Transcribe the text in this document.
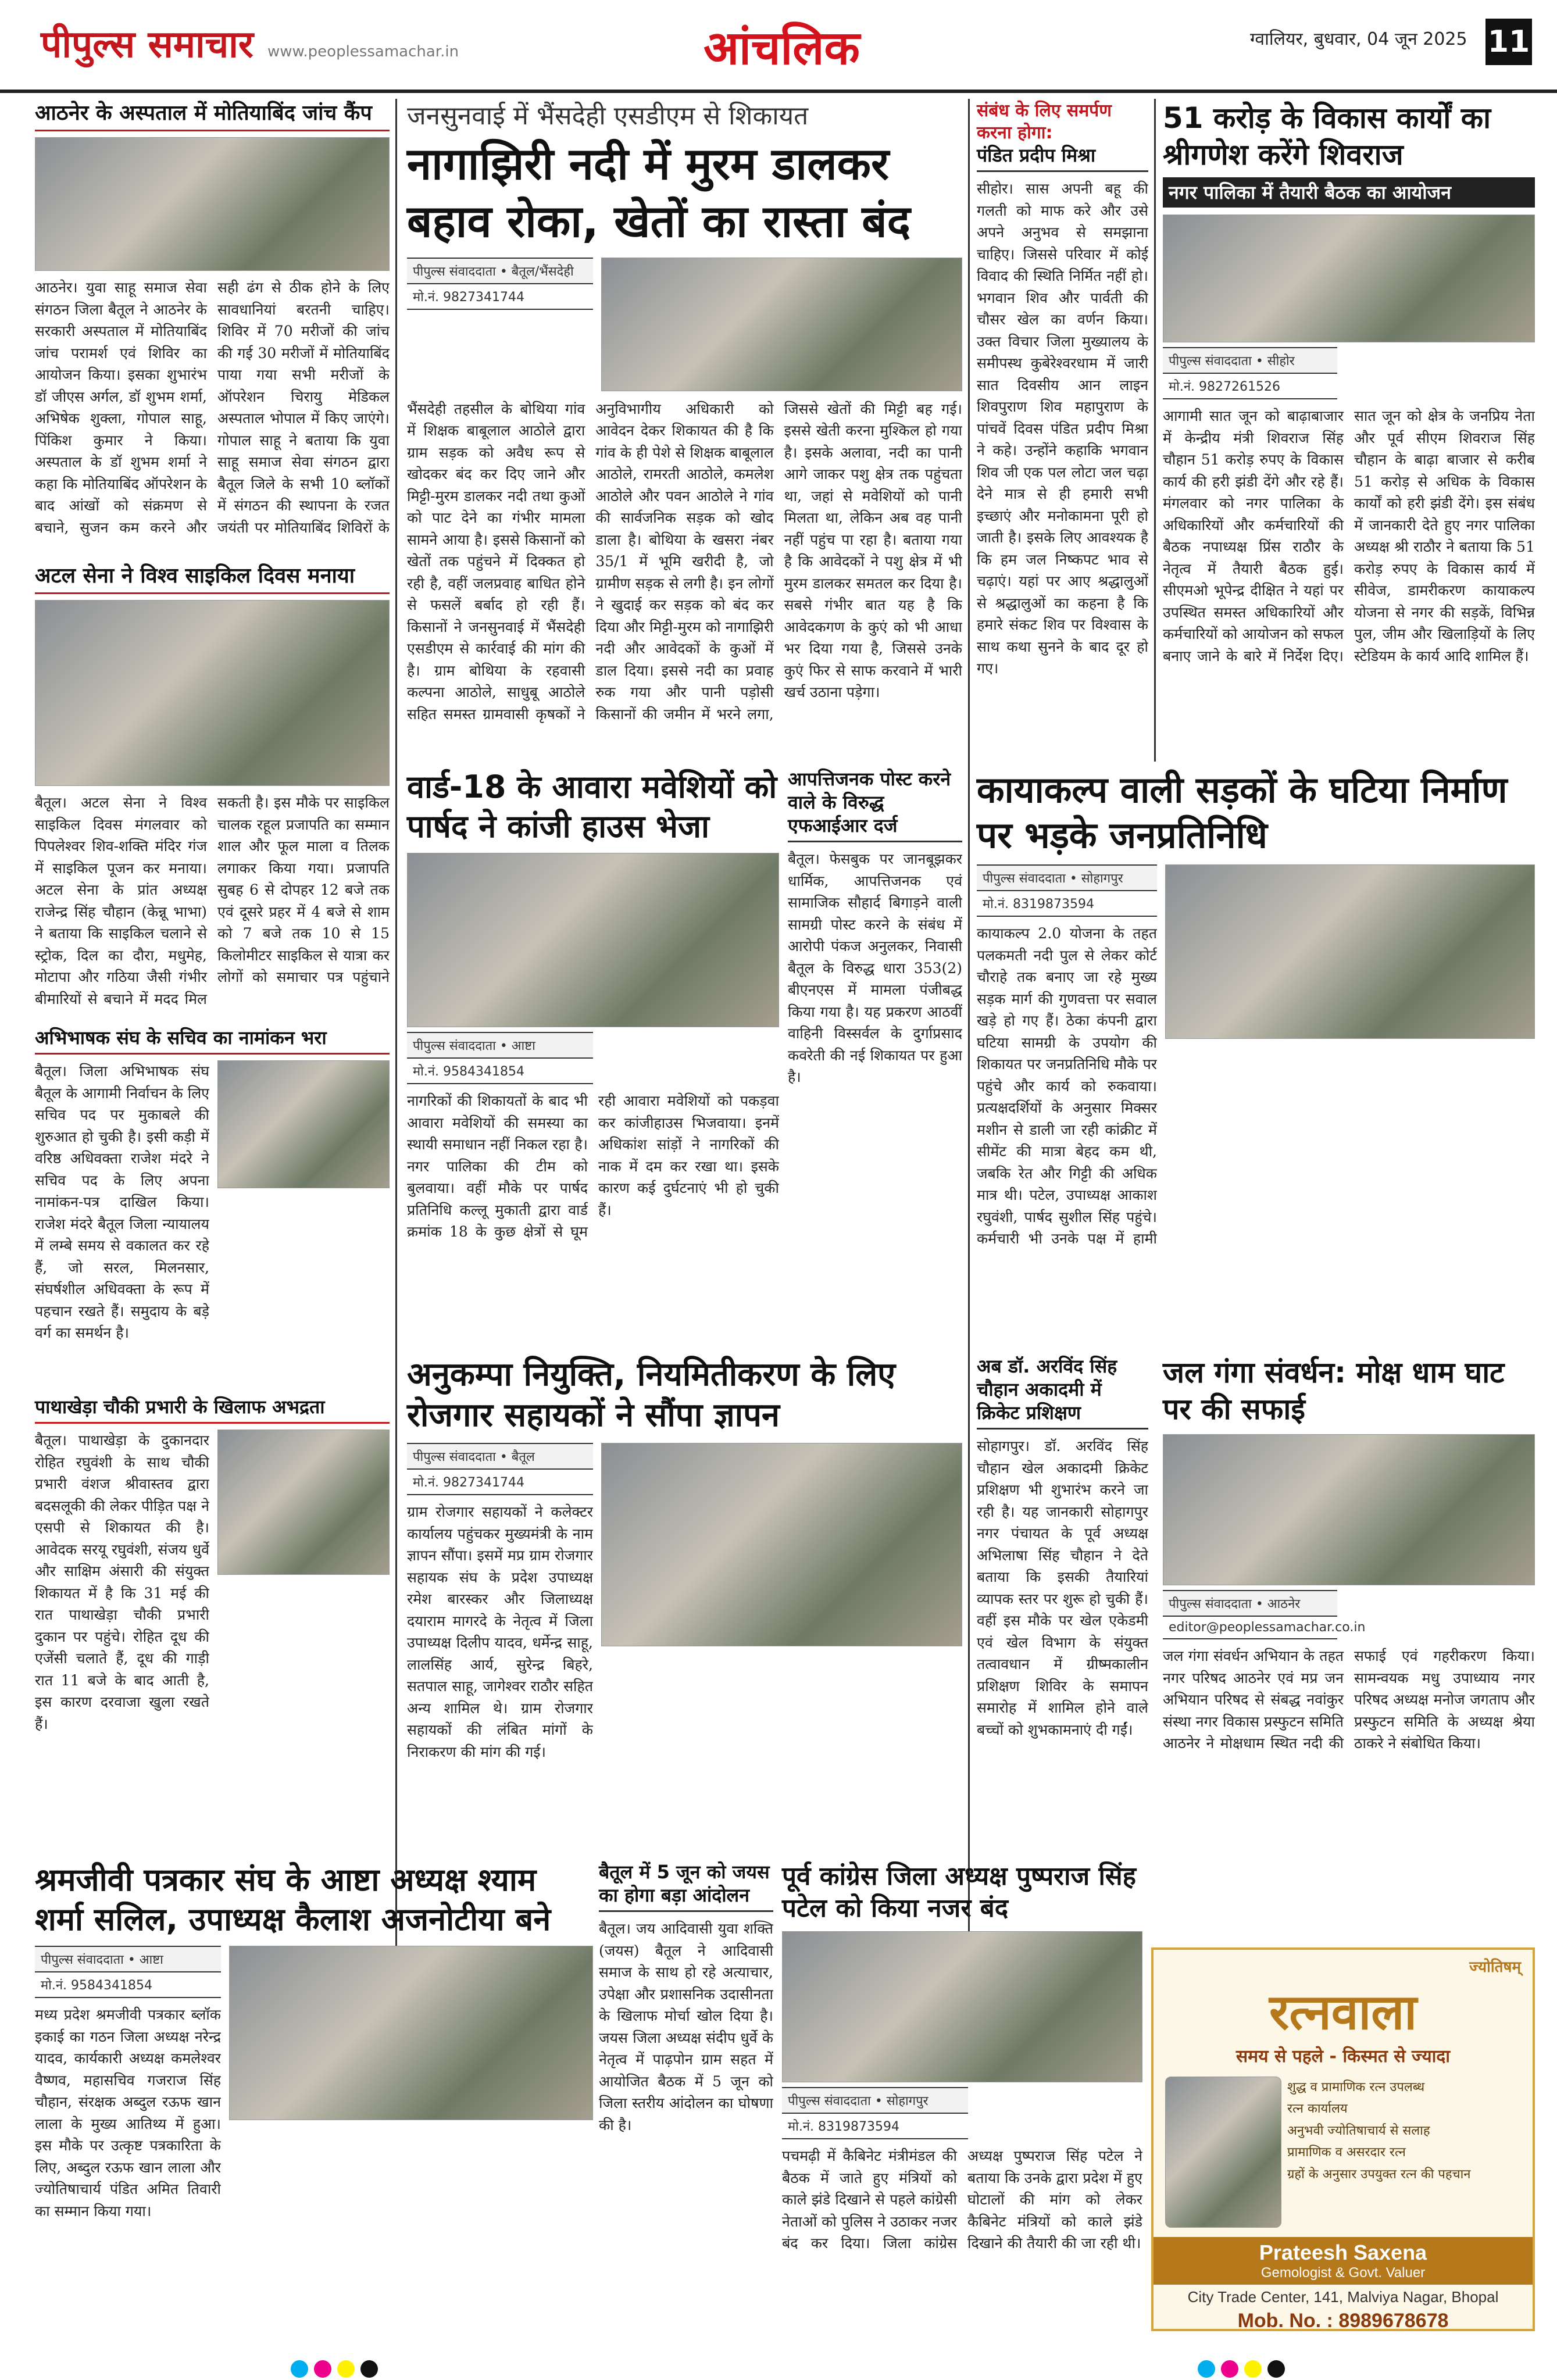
पीपुल्स समाचार www.peoplessamachar.in	आंचलिक	ग्वालियर, बुधवार, 04 जून 2025 11
आठनेर के अस्पताल में मोतियाबिंद जांच कैंप
आठनेर। युवा साहू समाज सेवा संगठन जिला बैतूल ने आठनेर के सरकारी अस्पताल में मोतियाबिंद जांच परामर्श एवं शिविर का आयोजन किया। इसका शुभारंभ डॉ जीएस अर्गल, डॉ शुभम शर्मा, अभिषेक शुक्ला, गोपाल साहू, पिंकिश कुमार ने किया। अस्पताल के डॉ शुभम शर्मा ने कहा कि मोतियाबिंद ऑपरेशन के बाद आंखों को संक्रमण से बचाने, सुजन कम करने और सही ढंग से ठीक होने के लिए सावधानियां बरतनी चाहिए। शिविर में 70 मरीजों की जांच की गई 30 मरीजों में मोतियाबिंद पाया गया सभी मरीजों के ऑपरेशन चिरायु मेडिकल अस्पताल भोपाल में किए जाएंगे। गोपाल साहू ने बताया कि युवा साहू समाज सेवा संगठन द्वारा बैतूल जिले के सभी 10 ब्लॉकों में संगठन की स्थापना के रजत जयंती पर मोतियाबिंद शिविरों के
जनसुनवाई में भैंसदेही एसडीएम से शिकायत
नागाझिरी नदी में मुरम डालकर बहाव रोका, खेतों का रास्ता बंद
पीपुल्स संवाददाता • बैतूल/भैंसदेही
मो.नं. 9827341744
भैंसदेही तहसील के बोथिया गांव में शिक्षक बाबूलाल आठोले द्वारा ग्राम सड़क को अवैध रूप से खोदकर बंद कर दिए जाने और मिट्टी-मुरम डालकर नदी तथा कुओं को पाट देने का गंभीर मामला सामने आया है। इससे किसानों को खेतों तक पहुंचने में दिक्कत हो रही है, वहीं जलप्रवाह बाधित होने से फसलें बर्बाद हो रही हैं। किसानों ने जनसुनवाई में भैंसदेही एसडीएम से कार्रवाई की मांग की है। ग्राम बोथिया के रहवासी कल्पना आठोले, साधुबू आठोले सहित समस्त ग्रामवासी कृषकों ने अनुविभागीय अधिकारी को आवेदन देकर शिकायत की है कि गांव के ही पेशे से शिक्षक बाबूलाल आठोले, रामरती आठोले, कमलेश आठोले और पवन आठोले ने गांव की सार्वजनिक सड़क को खोद डाला है। बोथिया के खसरा नंबर 35/1 में भूमि खरीदी है, जो ग्रामीण सड़क से लगी है। इन लोगों ने खुदाई कर सड़क को बंद कर दिया और मिट्टी-मुरम को नागाझिरी नदी और आवेदकों के कुओं में डाल दिया। इससे नदी का प्रवाह रुक गया और पानी पड़ोसी किसानों की जमीन में भरने लगा, जिससे खेतों की मिट्टी बह गई। इससे खेती करना मुश्किल हो गया है। इसके अलावा, नदी का पानी आगे जाकर पशु क्षेत्र तक पहुंचता था, जहां से मवेशियों को पानी मिलता था, लेकिन अब वह पानी नहीं पहुंच पा रहा है। बताया गया है कि आवेदकों ने पशु क्षेत्र में भी मुरम डालकर समतल कर दिया है। सबसे गंभीर बात यह है कि आवेदकगण के कुएं को भी आधा भर दिया गया है, जिससे उनके कुएं फिर से साफ करवाने में भारी खर्च उठाना पड़ेगा।
संबंध के लिए समर्पण करना होगा:
पंडित प्रदीप मिश्रा
सीहोर। सास अपनी बहू की गलती को माफ करे और उसे अपने अनुभव से समझाना चाहिए। जिससे परिवार में कोई विवाद की स्थिति निर्मित नहीं हो। भगवान शिव और पार्वती की चौसर खेल का वर्णन किया। उक्त विचार जिला मुख्यालय के समीपस्थ कुबेरेश्वरधाम में जारी सात दिवसीय आन लाइन शिवपुराण शिव महापुराण के पांचवें दिवस पंडित प्रदीप मिश्रा ने कहे। उन्होंने कहाकि भगवान शिव जी एक पल लोटा जल चढ़ा देने मात्र से ही हमारी सभी इच्छाएं और मनोकामना पूरी हो जाती है। इसके लिए आवश्यक है कि हम जल निष्कपट भाव से चढ़ाएं। यहां पर आए श्रद्धालुओं से श्रद्धालुओं का कहना है कि हमारे संकट शिव पर विश्वास के साथ कथा सुनने के बाद दूर हो गए।
51 करोड़ के विकास कार्यों का श्रीगणेश करेंगे शिवराज
नगर पालिका में तैयारी बैठक का आयोजन
पीपुल्स संवाददाता • सीहोर
मो.नं. 9827261526
आगामी सात जून को बाढ़ाबाजार में केन्द्रीय मंत्री शिवराज सिंह चौहान 51 करोड़ रुपए के विकास कार्य की हरी झंडी देंगे और रहे हैं। मंगलवार को नगर पालिका के अधिकारियों और कर्मचारियों की बैठक नपाध्यक्ष प्रिंस राठौर के नेतृत्व में तैयारी बैठक हुई। सीएमओ भूपेन्द्र दीक्षित ने यहां पर उपस्थित समस्त अधिकारियों और कर्मचारियों को आयोजन को सफल बनाए जाने के बारे में निर्देश दिए। सात जून को क्षेत्र के जनप्रिय नेता और पूर्व सीएम शिवराज सिंह चौहान के बाढ़ा बाजार से करीब 51 करोड़ से अधिक के विकास कार्यों को हरी झंडी देंगे। इस संबंध में जानकारी देते हुए नगर पालिका अध्यक्ष श्री राठौर ने बताया कि 51 करोड़ रुपए के विकास कार्य में सीवेज, डामरीकरण कायाकल्प योजना से नगर की सड़कें, विभिन्न पुल, जीम और खिलाड़ियों के लिए स्टेडियम के कार्य आदि शामिल हैं।
अटल सेना ने विश्व साइकिल दिवस मनाया
बैतूल। अटल सेना ने विश्व साइकिल दिवस मंगलवार को पिपलेश्वर शिव-शक्ति मंदिर गंज में साइकिल पूजन कर मनाया। अटल सेना के प्रांत अध्यक्ष राजेन्द्र सिंह चौहान (केन्नू भाभा) ने बताया कि साइकिल चलाने से स्ट्रोक, दिल का दौरा, मधुमेह, मोटापा और गठिया जैसी गंभीर बीमारियों से बचाने में मदद मिल सकती है। इस मौके पर साइकिल चालक रहूल प्रजापति का सम्मान शाल और फूल माला व तिलक लगाकर किया गया। प्रजापति सुबह 6 से दोपहर 12 बजे तक एवं दूसरे प्रहर में 4 बजे से शाम को 7 बजे तक 10 से 15 किलोमीटर साइकिल से यात्रा कर लोगों को समाचार पत्र पहुंचाने
वार्ड-18 के आवारा मवेशियों को पार्षद ने कांजी हाउस भेजा
पीपुल्स संवाददाता • आष्टा
मो.नं. 9584341854
नागरिकों की शिकायतों के बाद भी आवारा मवेशियों की समस्या का स्थायी समाधान नहीं निकल रहा है। नगर पालिका की टीम को बुलवाया। वहीं मौके पर पार्षद प्रतिनिधि कल्लू मुकाती द्वारा वार्ड क्रमांक 18 के कुछ क्षेत्रों से घूम रही आवारा मवेशियों को पकड़वा कर कांजीहाउस भिजवाया। इनमें अधिकांश सांड़ों ने नागरिकों की नाक में दम कर रखा था। इसके कारण कई दुर्घटनाएं भी हो चुकी हैं।
आपत्तिजनक पोस्ट करने वाले के विरुद्ध एफआईआर दर्ज
बैतूल। फेसबुक पर जानबूझकर धार्मिक, आपत्तिजनक एवं सामाजिक सौहार्द बिगाड़ने वाली सामग्री पोस्ट करने के संबंध में आरोपी पंकज अनुलकर, निवासी बैतूल के विरुद्ध धारा 353(2) बीएनएस में मामला पंजीबद्ध किया गया है। यह प्रकरण आठवीं वाहिनी विस्सर्वल के दुर्गाप्रसाद कवरेती की नई शिकायत पर हुआ है।
कायाकल्प वाली सड़कों के घटिया निर्माण पर भड़के जनप्रतिनिधि
पीपुल्स संवाददाता • सोहागपुर
मो.नं. 8319873594
कायाकल्प 2.0 योजना के तहत पलकमती नदी पुल से लेकर कोर्ट चौराहे तक बनाए जा रहे मुख्य सड़क मार्ग की गुणवत्ता पर सवाल खड़े हो गए हैं। ठेका कंपनी द्वारा घटिया सामग्री के उपयोग की शिकायत पर जनप्रतिनिधि मौके पर पहुंचे और कार्य को रुकवाया। प्रत्यक्षदर्शियों के अनुसार मिक्सर मशीन से डाली जा रही कांक्रीट में सीमेंट की मात्रा बेहद कम थी, जबकि रेत और गिट्टी की अधिक मात्र थी। पटेल, उपाध्यक्ष आकाश रघुवंशी, पार्षद सुशील सिंह पहुंचे। कर्मचारी भी उनके पक्ष में हामी
अभिभाषक संघ के सचिव का नामांकन भरा
बैतूल। जिला अभिभाषक संघ बैतूल के आगामी निर्वाचन के लिए सचिव पद पर मुकाबले की शुरुआत हो चुकी है। इसी कड़ी में वरिष्ठ अधिवक्ता राजेश मंदरे ने सचिव पद के लिए अपना नामांकन-पत्र दाखिल किया। राजेश मंदरे बैतूल जिला न्यायालय में लम्बे समय से वकालत कर रहे हैं, जो सरल, मिलनसार, संघर्षशील अधिवक्ता के रूप में पहचान रखते हैं। समुदाय के बड़े वर्ग का समर्थन है।
अनुकम्पा नियुक्ति, नियमितीकरण के लिए रोजगार सहायकों ने सौंपा ज्ञापन
पीपुल्स संवाददाता • बैतूल
मो.नं. 9827341744
ग्राम रोजगार सहायकों ने कलेक्टर कार्यालय पहुंचकर मुख्यमंत्री के नाम ज्ञापन सौंपा। इसमें मप्र ग्राम रोजगार सहायक संघ के प्रदेश उपाध्यक्ष रमेश बारस्कर और जिलाध्यक्ष दयाराम मागरदे के नेतृत्व में जिला उपाध्यक्ष दिलीप यादव, धर्मेन्द्र साहू, लालसिंह आर्य, सुरेन्द्र बिहरे, सतपाल साहू, जागेश्वर राठौर सहित अन्य शामिल थे। ग्राम रोजगार सहायकों की लंबित मांगों के निराकरण की मांग की गई।
अब डॉ. अरविंद सिंह चौहान अकादमी में क्रिकेट प्रशिक्षण
सोहागपुर। डॉ. अरविंद सिंह चौहान खेल अकादमी क्रिकेट प्रशिक्षण भी शुभारंभ करने जा रही है। यह जानकारी सोहागपुर नगर पंचायत के पूर्व अध्यक्ष अभिलाषा सिंह चौहान ने देते बताया कि इसकी तैयारियां व्यापक स्तर पर शुरू हो चुकी हैं। वहीं इस मौके पर खेल एकेडमी एवं खेल विभाग के संयुक्त तत्वावधान में ग्रीष्मकालीन प्रशिक्षण शिविर के समापन समारोह में शामिल होने वाले बच्चों को शुभकामनाएं दी गईं।
जल गंगा संवर्धन: मोक्ष धाम घाट पर की सफाई
पीपुल्स संवाददाता • आठनेर
editor@peoplessamachar.co.in
जल गंगा संवर्धन अभियान के तहत नगर परिषद आठनेर एवं मप्र जन अभियान परिषद से संबद्ध नवांकुर संस्था नगर विकास प्रस्फुटन समिति आठनेर ने मोक्षधाम स्थित नदी की सफाई एवं गहरीकरण किया। सामन्वयक मधु उपाध्याय नगर परिषद अध्यक्ष मनोज जगताप और प्रस्फुटन समिति के अध्यक्ष श्रेया ठाकरे ने संबोधित किया।
पाथाखेड़ा चौकी प्रभारी के खिलाफ अभद्रता
बैतूल। पाथाखेड़ा के दुकानदार रोहित रघुवंशी के साथ चौकी प्रभारी वंशज श्रीवास्तव द्वारा बदसलूकी की लेकर पीड़ित पक्ष ने एसपी से शिकायत की है। आवेदक सरयू रघुवंशी, संजय धुर्वे और साक्षिम अंसारी की संयुक्त शिकायत में है कि 31 मई की रात पाथाखेड़ा चौकी प्रभारी दुकान पर पहुंचे। रोहित दूध की एजेंसी चलाते हैं, दूध की गाड़ी रात 11 बजे के बाद आती है, इस कारण दरवाजा खुला रखते हैं।
श्रमजीवी पत्रकार संघ के आष्टा अध्यक्ष श्याम शर्मा सलिल, उपाध्यक्ष कैलाश अजनोटीया बने
पीपुल्स संवाददाता • आष्टा
मो.नं. 9584341854
मध्य प्रदेश श्रमजीवी पत्रकार ब्लॉक इकाई का गठन जिला अध्यक्ष नरेन्द्र यादव, कार्यकारी अध्यक्ष कमलेश्वर वैष्णव, महासचिव गजराज सिंह चौहान, संरक्षक अब्दुल रऊफ खान लाला के मुख्य आतिथ्य में हुआ। इस मौके पर उत्कृष्ट पत्रकारिता के लिए, अब्दुल रऊफ खान लाला और ज्योतिषाचार्य पंडित अमित तिवारी का सम्मान किया गया।
बैतूल में 5 जून को जयस का होगा बड़ा आंदोलन
बैतूल। जय आदिवासी युवा शक्ति (जयस) बैतूल ने आदिवासी समाज के साथ हो रहे अत्याचार, उपेक्षा और प्रशासनिक उदासीनता के खिलाफ मोर्चा खोल दिया है। जयस जिला अध्यक्ष संदीप धुर्वे के नेतृत्व में पाढ़पोन ग्राम सहत में आयोजित बैठक में 5 जून को जिला स्तरीय आंदोलन का घोषणा की है।
पूर्व कांग्रेस जिला अध्यक्ष पुष्पराज सिंह पटेल को किया नजर बंद
पीपुल्स संवाददाता • सोहागपुर
मो.नं. 8319873594
पचमढ़ी में कैबिनेट मंत्रीमंडल की बैठक में जाते हुए मंत्रियों को काले झंडे दिखाने से पहले कांग्रेसी नेताओं को पुलिस ने उठाकर नजर बंद कर दिया। जिला कांग्रेस अध्यक्ष पुष्पराज सिंह पटेल ने बताया कि उनके द्वारा प्रदेश में हुए घोटालों की मांग को लेकर कैबिनेट मंत्रियों को काले झंडे दिखाने की तैयारी की जा रही थी।
ज्योतिषम्
रत्नवाला
समय से पहले - किस्मत से ज्यादा
शुद्ध व प्रामाणिक रत्न उपलब्ध
रत्न कार्यालय
अनुभवी ज्योतिषाचार्य से सलाह
प्रामाणिक व असरदार रत्न
ग्रहों के अनुसार उपयुक्त रत्न की पहचान
Prateesh Saxena
Gemologist & Govt. Valuer
City Trade Center, 141, Malviya Nagar, Bhopal
Mob. No. : 8989678678
